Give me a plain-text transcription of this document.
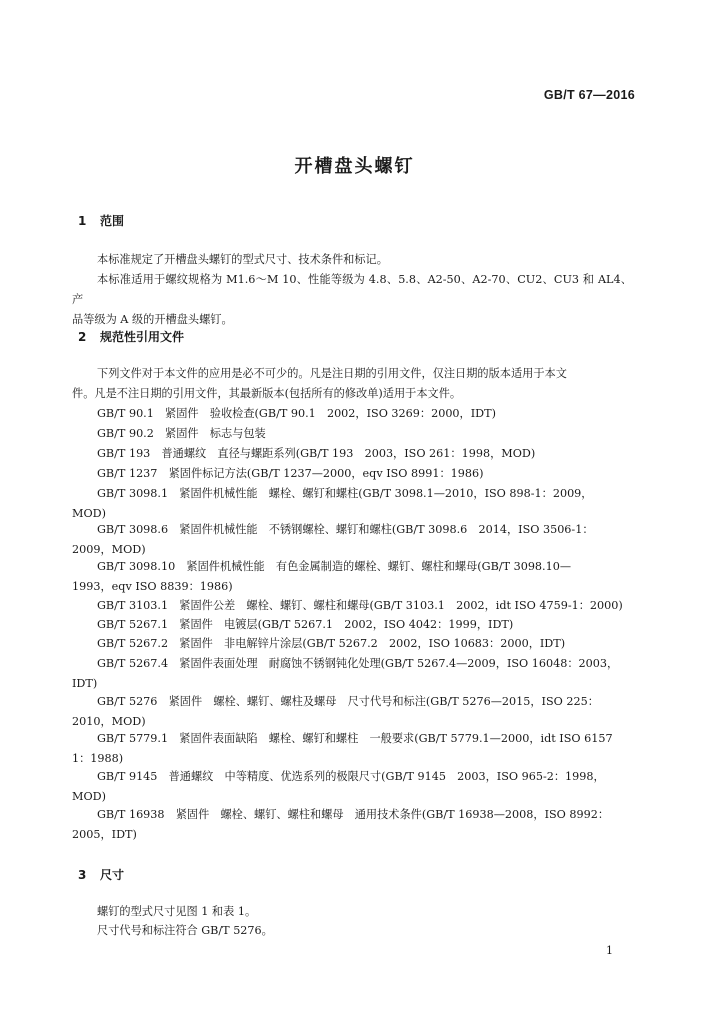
GB/T 67—2016
开槽盘头螺钉
1 范围

本标准规定了开槽盘头螺钉的型式尺寸、技术条件和标记。

本标准适用于螺纹规格为 M1.6～M 10、性能等级为 4.8、5.8、A2-50、A2-70、CU2、CU3 和 AL4、产
品等级为 A 级的开槽盘头螺钉。

2 规范性引用文件

下列文件对于本文件的应用是必不可少的。凡是注日期的引用文件，仅注日期的版本适用于本文
件。凡是不注日期的引用文件，其最新版本(包括所有的修改单)适用于本文件。

GB/T 90.1　紧固件　验收检查(GB/T 90.1　2002，ISO 3269：2000，IDT)
GB/T 90.2　紧固件　标志与包装
GB/T 193　普通螺纹　直径与螺距系列(GB/T 193　2003，ISO 261：1998，MOD)
GB/T 1237　紧固件标记方法(GB/T 1237—2000，eqv ISO 8991：1986)
GB/T 3098.1　紧固件机械性能　螺栓、螺钉和螺柱(GB/T 3098.1—2010，ISO 898-1：2009，
MOD)
GB/T 3098.6　紧固件机械性能　不锈钢螺栓、螺钉和螺柱(GB/T 3098.6　2014，ISO 3506-1：
2009，MOD)
GB/T 3098.10　紧固件机械性能　有色金属制造的螺栓、螺钉、螺柱和螺母(GB/T 3098.10—
1993，eqv ISO 8839：1986)
GB/T 3103.1　紧固件公差　螺栓、螺钉、螺柱和螺母(GB/T 3103.1　2002，idt ISO 4759-1：2000)
GB/T 5267.1　紧固件　电镀层(GB/T 5267.1　2002，ISO 4042：1999，IDT)
GB/T 5267.2　紧固件　非电解锌片涂层(GB/T 5267.2　2002，ISO 10683：2000，IDT)
GB/T 5267.4　紧固件表面处理　耐腐蚀不锈钢钝化处理(GB/T 5267.4—2009，ISO 16048：2003，
IDT)
GB/T 5276　紧固件　螺栓、螺钉、螺柱及螺母　尺寸代号和标注(GB/T 5276—2015，ISO 225：
2010，MOD)
GB/T 5779.1　紧固件表面缺陷　螺栓、螺钉和螺柱　一般要求(GB/T 5779.1—2000，idt ISO 6157
1：1988)
GB/T 9145　普通螺纹　中等精度、优选系列的极限尺寸(GB/T 9145　2003，ISO 965-2：1998，
MOD)
GB/T 16938　紧固件　螺栓、螺钉、螺柱和螺母　通用技术条件(GB/T 16938—2008，ISO 8992：
2005，IDT)
3 尺寸

螺钉的型式尺寸见图 1 和表 1。

尺寸代号和标注符合 GB/T 5276。

1
